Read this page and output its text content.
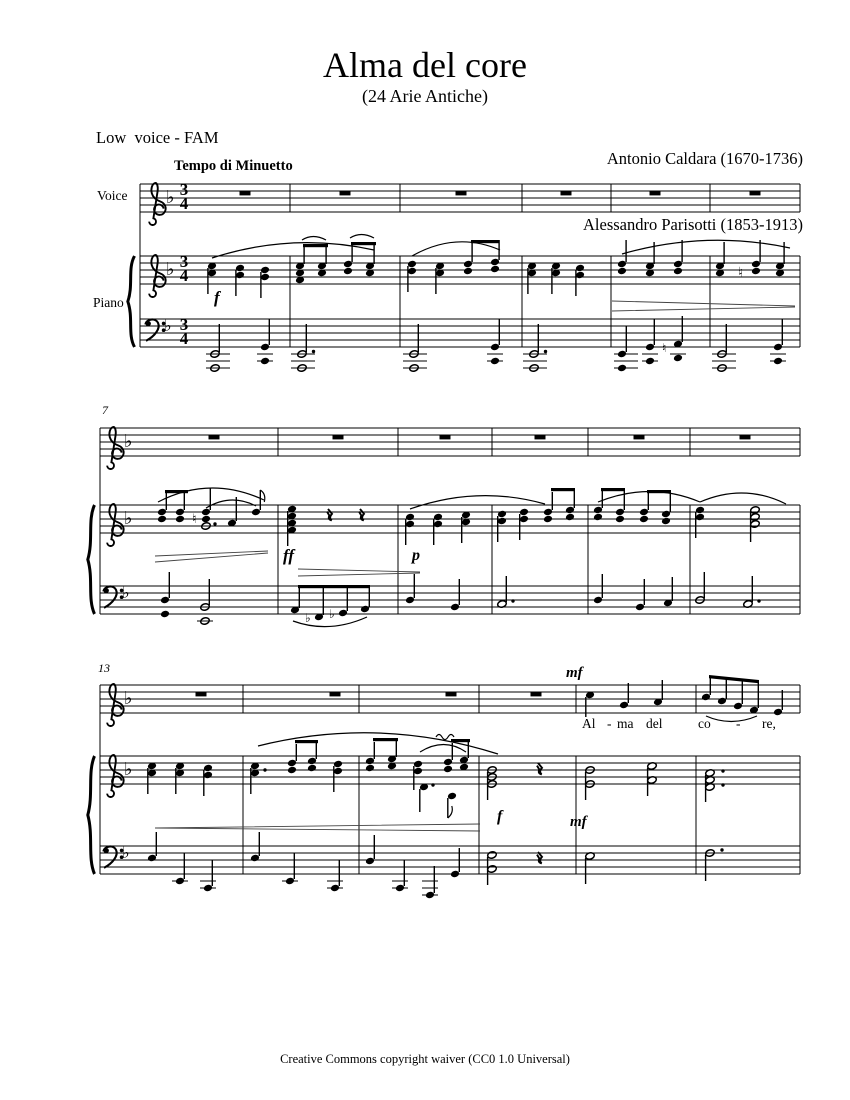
♭
♭
♭
♮
♮
♭
♭
♭
♮
♭ ♭
♭
♭
♭
Alma del core
(24 Arie Antiche)

Antonio Caldara (1670-1736)

Alessandro Parisotti (1853-1913)

Low  voice - FAM
Tempo di Minuetto
Voice
Piano
3
4
3
4
3
4
7
13
f
ff	p
mf
f	mf
Al - ma del	co - re,
Creative Commons copyright waiver (CC0 1.0 Universal)
